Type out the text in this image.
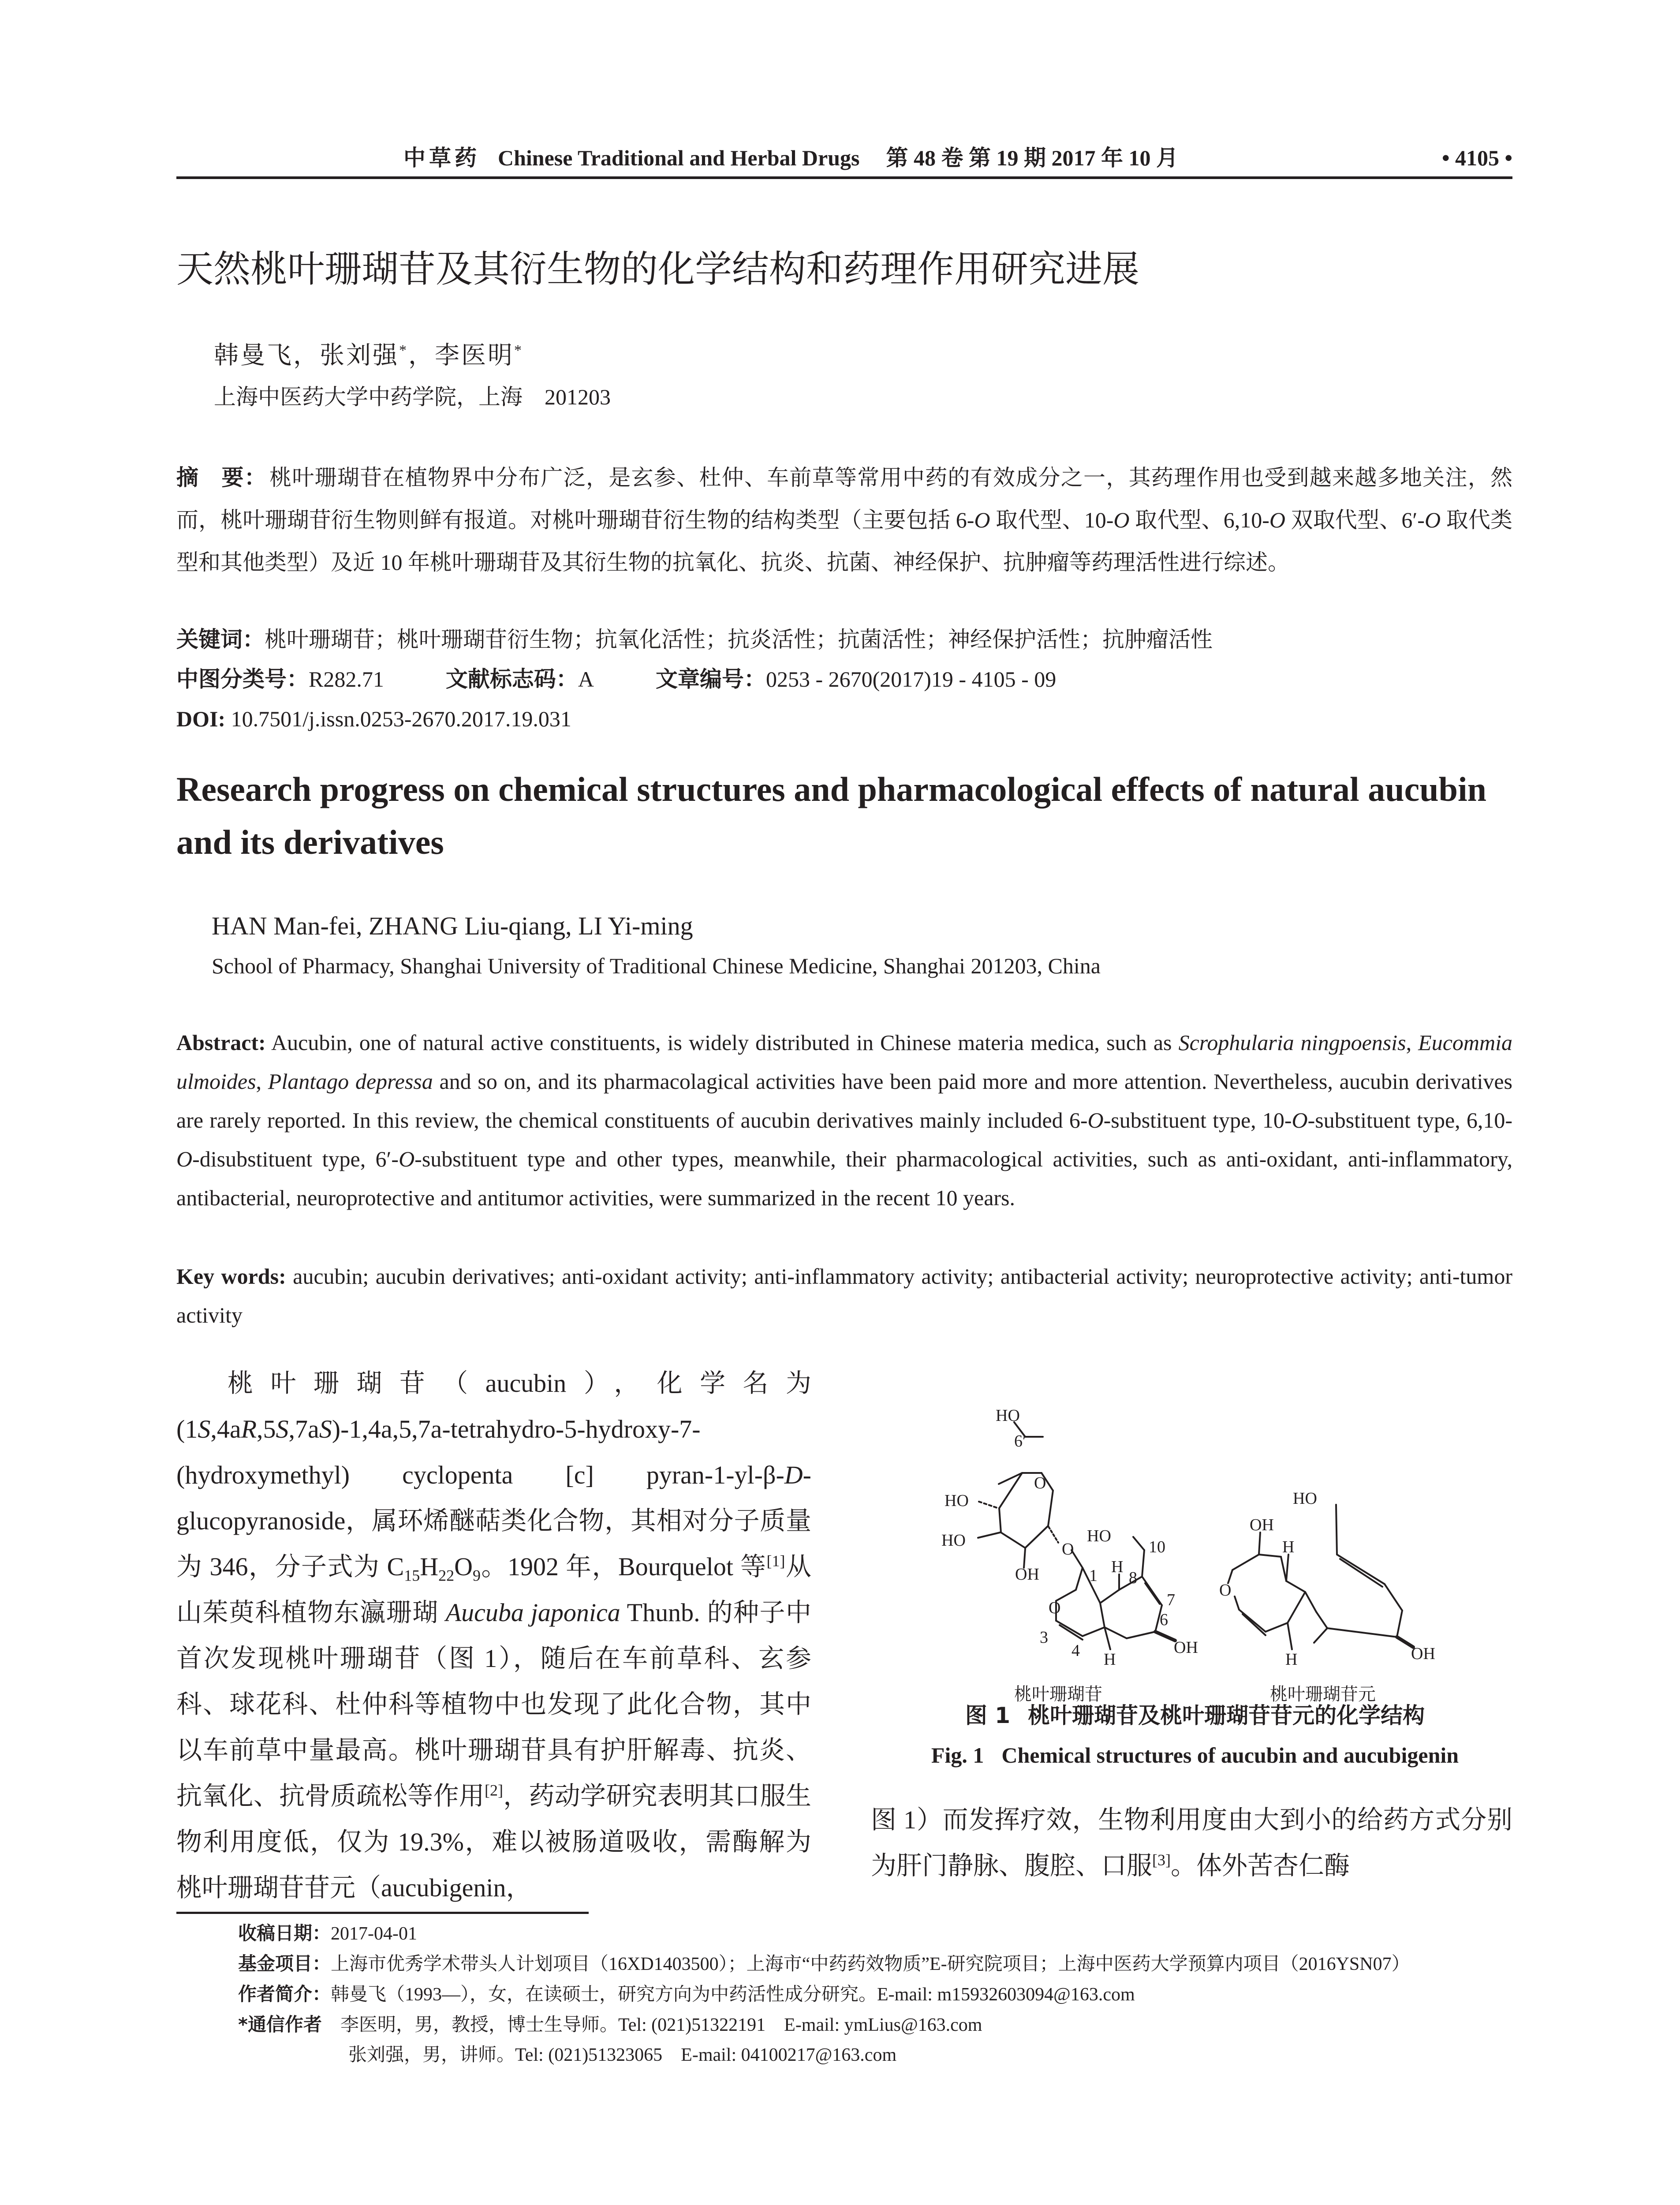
中草药 Chinese Traditional and Herbal Drugs 第 48 卷 第 19 期 2017 年 10 月	• 4105 •
天然桃叶珊瑚苷及其衍生物的化学结构和药理作用研究进展
韩曼飞，张刘强*，李医明*
上海中医药大学中药学院，上海 201203
摘　要： 桃叶珊瑚苷在植物界中分布广泛，是玄参、杜仲、车前草等常用中药的有效成分之一，其药理作用也受到越来越多地关注，然而，桃叶珊瑚苷衍生物则鲜有报道。对桃叶珊瑚苷衍生物的结构类型（主要包括 6-O 取代型、10-O 取代型、6,10-O 双取代型、6′-O 取代类型和其他类型）及近 10 年桃叶珊瑚苷及其衍生物的抗氧化、抗炎、抗菌、神经保护、抗肿瘤等药理活性进行综述。
关键词：桃叶珊瑚苷；桃叶珊瑚苷衍生物；抗氧化活性；抗炎活性；抗菌活性；神经保护活性；抗肿瘤活性
中图分类号：R282.71	文献标志码：A	文章编号：0253 - 2670(2017)19 - 4105 - 09
DOI: 10.7501/j.issn.0253-2670.2017.19.031
Research progress on chemical structures and pharmacological effects of natural aucubin and its derivatives
HAN Man-fei, ZHANG Liu-qiang, LI Yi-ming
School of Pharmacy, Shanghai University of Traditional Chinese Medicine, Shanghai 201203, China
Abstract: Aucubin, one of natural active constituents, is widely distributed in Chinese materia medica, such as Scrophularia ningpoensis, Eucommia ulmoides, Plantago depressa and so on, and its pharmacolagical activities have been paid more and more attention. Nevertheless, aucubin derivatives are rarely reported. In this review, the chemical constituents of aucubin derivatives mainly included 6-O-substituent type, 10-O-substituent type, 6,10-O-disubstituent type, 6′-O-substituent type and other types, meanwhile, their pharmacological activities, such as anti-oxidant, anti-inflammatory, antibacterial, neuroprotective and antitumor activities, were summarized in the recent 10 years.
Key words: aucubin; aucubin derivatives; anti-oxidant activity; anti-inflammatory activity; antibacterial activity; neuroprotective activity; anti-tumor activity
桃叶珊瑚苷（aucubin），化学名为 (1S,4aR,5S,7aS)-1,4a,5,7a-tetrahydro-5-hydroxy-7-(hydroxymethyl) cyclopenta [c] pyran-1-yl-β-D-glucopyranoside，属环烯醚萜类化合物，其相对分子质量为 346，分子式为 $C_{15}H_{22}O_9$。1902 年，Bourquelot 等[1]从山茱萸科植物东瀛珊瑚 Aucuba japonica Thunb. 的种子中首次发现桃叶珊瑚苷（图 1），随后在车前草科、玄参科、球花科、杜仲科等植物中也发现了此化合物，其中以车前草中量最高。桃叶珊瑚苷具有护肝解毒、抗炎、抗氧化、抗骨质疏松等作用[2]，药动学研究表明其口服生物利用度低，仅为 19.3%，难以被肠道吸收，需酶解为桃叶珊瑚苷苷元（aucubigenin，
HO
6′
HO
O
HO
OH
O
HO
10
H
1 8
7
6
OH
O
3
4 H
HO
OH
H
O
H	OH
桃叶珊瑚苷	桃叶珊瑚苷元
图 1 桃叶珊瑚苷及桃叶珊瑚苷苷元的化学结构
Fig. 1 Chemical structures of aucubin and aucubigenin
图 1）而发挥疗效，生物利用度由大到小的给药方式分别为肝门静脉、腹腔、口服[3]。体外苦杏仁酶
收稿日期：2017-04-01
基金项目：上海市优秀学术带头人计划项目（16XD1403500）；上海市“中药药效物质”E-研究院项目；上海中医药大学预算内项目（2016YSN07）
作者简介：韩曼飞（1993—），女，在读硕士，研究方向为中药活性成分研究。E-mail: m15932603094@163.com
*通信作者　 李医明，男，教授，博士生导师。Tel: (021)51322191　E-mail: ymLius@163.com
张刘强，男，讲师。Tel: (021)51323065　E-mail: 04100217@163.com
